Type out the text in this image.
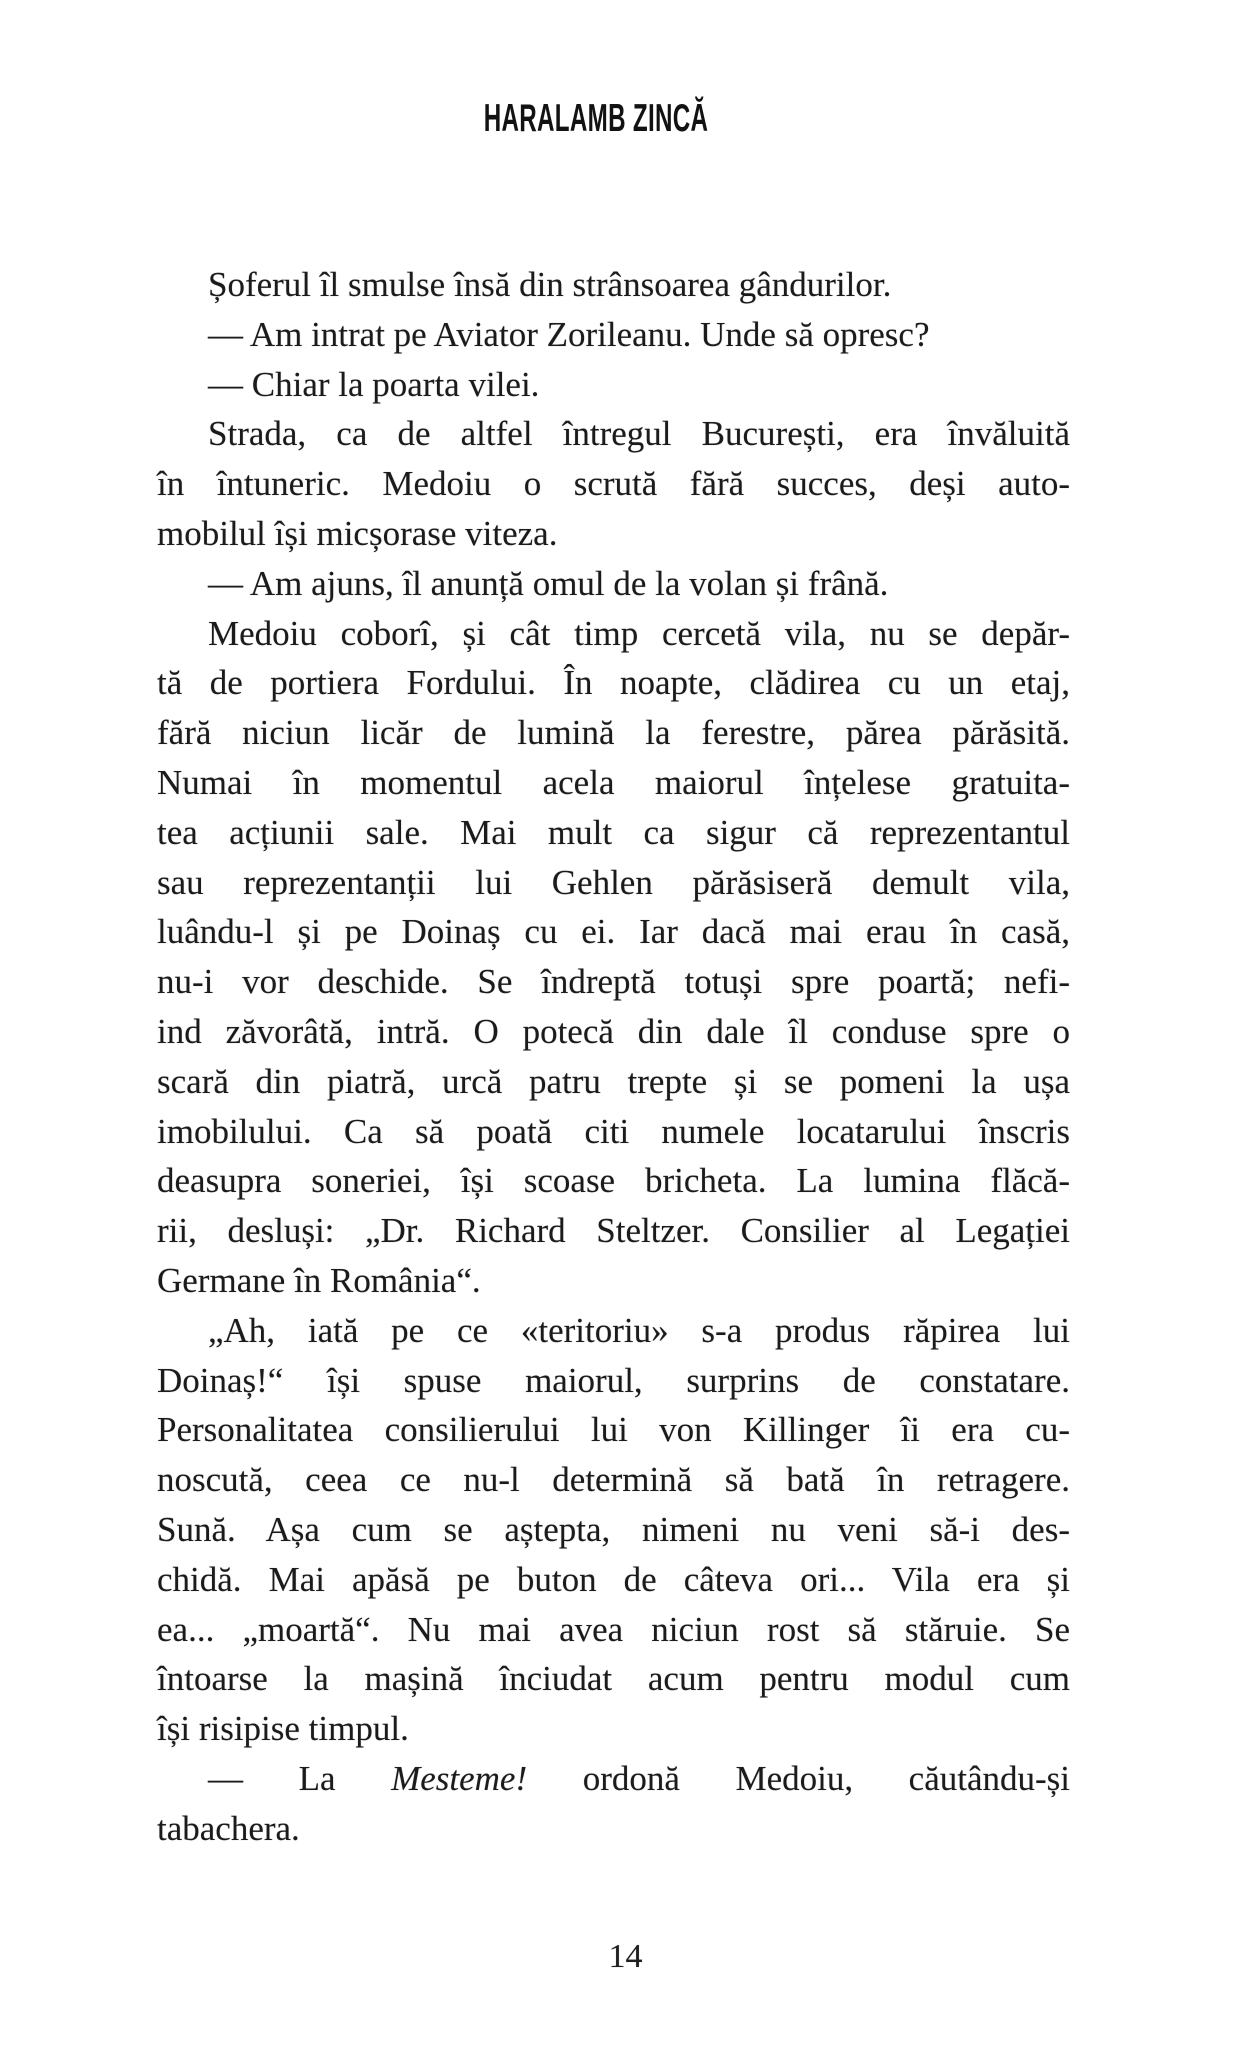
HARALAMB ZINCĂ
Șoferul îl smulse însă din strânsoarea gândurilor.
— Am intrat pe Aviator Zorileanu. Unde să opresc?
— Chiar la poarta vilei.
Strada, ca de altfel întregul București, era învăluită
în întuneric. Medoiu o scrută fără succes, deși auto-
mobilul își micșorase viteza.
— Am ajuns, îl anunță omul de la volan și frână.
Medoiu coborî, și cât timp cercetă vila, nu se depăr-
tă de portiera Fordului. În noapte, clădirea cu un etaj,
fără niciun licăr de lumină la ferestre, părea părăsită.
Numai în momentul acela maiorul înțelese gratuita-
tea acțiunii sale. Mai mult ca sigur că reprezentantul
sau reprezentanții lui Gehlen părăsiseră demult vila,
luându-l și pe Doinaș cu ei. Iar dacă mai erau în casă,
nu-i vor deschide. Se îndreptă totuși spre poartă; nefi-
ind zăvorâtă, intră. O potecă din dale îl conduse spre o
scară din piatră, urcă patru trepte și se pomeni la ușa
imobilului. Ca să poată citi numele locatarului înscris
deasupra soneriei, își scoase bricheta. La lumina flăcă-
rii, desluși: „Dr. Richard Steltzer. Consilier al Legației
Germane în România“.
„Ah, iată pe ce «teritoriu» s-a produs răpirea lui
Doinaș!“ își spuse maiorul, surprins de constatare.
Personalitatea consilierului lui von Killinger îi era cu-
noscută, ceea ce nu-l determină să bată în retragere.
Sună. Așa cum se aștepta, nimeni nu veni să-i des-
chidă. Mai apăsă pe buton de câteva ori... Vila era și
ea... „moartă“. Nu mai avea niciun rost să stăruie. Se
întoarse la mașină înciudat acum pentru modul cum
își risipise timpul.
— La Mesteme! ordonă Medoiu, căutându-și
tabachera.
14
